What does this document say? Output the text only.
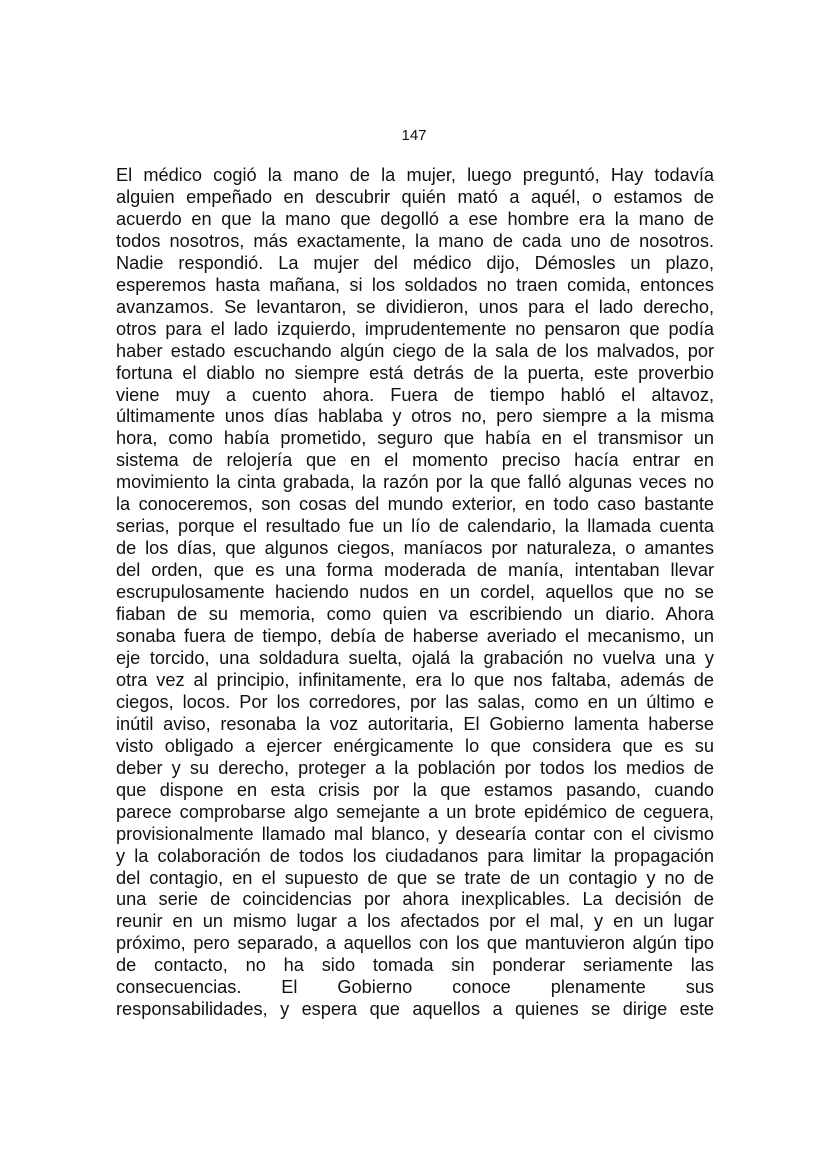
147
El médico cogió la mano de la mujer, luego preguntó, Hay todavía
alguien empeñado en descubrir quién mató a aquél, o estamos de
acuerdo en que la mano que degolló a ese hombre era la mano de
todos nosotros, más exactamente, la mano de cada uno de nosotros.
Nadie respondió. La mujer del médico dijo, Démosles un plazo,
esperemos hasta mañana, si los soldados no traen comida, entonces
avanzamos. Se levantaron, se dividieron, unos para el lado derecho,
otros para el lado izquierdo, imprudentemente no pensaron que podía
haber estado escuchando algún ciego de la sala de los malvados, por
fortuna el diablo no siempre está detrás de la puerta, este proverbio
viene muy a cuento ahora. Fuera de tiempo habló el altavoz,
últimamente unos días hablaba y otros no, pero siempre a la misma
hora, como había prometido, seguro que había en el transmisor un
sistema de relojería que en el momento preciso hacía entrar en
movimiento la cinta grabada, la razón por la que falló algunas veces no
la conoceremos, son cosas del mundo exterior, en todo caso bastante
serias, porque el resultado fue un lío de calendario, la llamada cuenta
de los días, que algunos ciegos, maníacos por naturaleza, o amantes
del orden, que es una forma moderada de manía, intentaban llevar
escrupulosamente haciendo nudos en un cordel, aquellos que no se
fiaban de su memoria, como quien va escribiendo un diario. Ahora
sonaba fuera de tiempo, debía de haberse averiado el mecanismo, un
eje torcido, una soldadura suelta, ojalá la grabación no vuelva una y
otra vez al principio, infinitamente, era lo que nos faltaba, además de
ciegos, locos. Por los corredores, por las salas, como en un último e
inútil aviso, resonaba la voz autoritaria, El Gobierno lamenta haberse
visto obligado a ejercer enérgicamente lo que considera que es su
deber y su derecho, proteger a la población por todos los medios de
que dispone en esta crisis por la que estamos pasando, cuando
parece comprobarse algo semejante a un brote epidémico de ceguera,
provisionalmente llamado mal blanco, y desearía contar con el civismo
y la colaboración de todos los ciudadanos para limitar la propagación
del contagio, en el supuesto de que se trate de un contagio y no de
una serie de coincidencias por ahora inexplicables. La decisión de
reunir en un mismo lugar a los afectados por el mal, y en un lugar
próximo, pero separado, a aquellos con los que mantuvieron algún tipo
de contacto, no ha sido tomada sin ponderar seriamente las
consecuencias. El Gobierno conoce plenamente sus
responsabilidades, y espera que aquellos a quienes se dirige este
